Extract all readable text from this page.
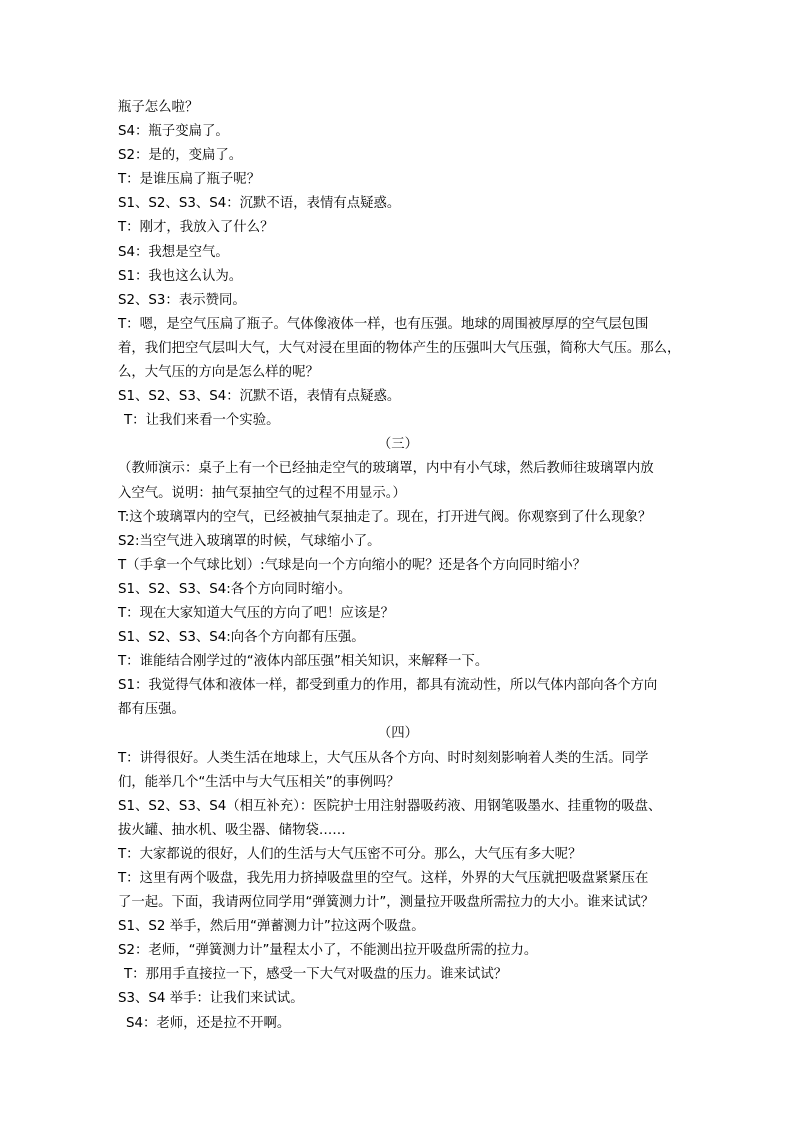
瓶子怎么啦？
S4：瓶子变扁了。
S2：是的，变扁了。
T：是谁压扁了瓶子呢？
S1、S2、S3、S4：沉默不语，表情有点疑惑。
T：刚才，我放入了什么？
S4：我想是空气。
S1：我也这么认为。
S2、S3：表示赞同。
T：嗯，是空气压扁了瓶子。气体像液体一样，也有压强。地球的周围被厚厚的空气层包围
着，我们把空气层叫大气，大气对浸在里面的物体产生的压强叫大气压强，简称大气压。那么，
么，大气压的方向是怎么样的呢？
S1、S2、S3、S4：沉默不语，表情有点疑惑。
T：让我们来看一个实验。
（三）
（教师演示：桌子上有一个已经抽走空气的玻璃罩，内中有小气球，然后教师往玻璃罩内放
入空气。说明：抽气泵抽空气的过程不用显示。）
T:这个玻璃罩内的空气，已经被抽气泵抽走了。现在，打开进气阀。你观察到了什么现象？
S2:当空气进入玻璃罩的时候，气球缩小了。
T（手拿一个气球比划）:气球是向一个方向缩小的呢？还是各个方向同时缩小？
S1、S2、S3、S4:各个方向同时缩小。
T：现在大家知道大气压的方向了吧！应该是？
S1、S2、S3、S4:向各个方向都有压强。
T：谁能结合刚学过的“液体内部压强”相关知识，来解释一下。
S1：我觉得气体和液体一样，都受到重力的作用，都具有流动性，所以气体内部向各个方向
都有压强。
（四）
T：讲得很好。人类生活在地球上，大气压从各个方向、时时刻刻影响着人类的生活。同学
们，能举几个“生活中与大气压相关”的事例吗？
S1、S2、S3、S4（相互补充）：医院护士用注射器吸药液、用钢笔吸墨水、挂重物的吸盘、
拔火罐、抽水机、吸尘器、储物袋……
T：大家都说的很好，人们的生活与大气压密不可分。那么，大气压有多大呢？
T：这里有两个吸盘，我先用力挤掉吸盘里的空气。这样，外界的大气压就把吸盘紧紧压在
了一起。下面，我请两位同学用“弹簧测力计”，测量拉开吸盘所需拉力的大小。谁来试试？
S1、S2 举手，然后用“弹蓄测力计”拉这两个吸盘。
S2：老师，“弹簧测力计”量程太小了，不能测出拉开吸盘所需的拉力。
T：那用手直接拉一下，感受一下大气对吸盘的压力。谁来试试？
S3、S4 举手：让我们来试试。
S4：老师，还是拉不开啊。
